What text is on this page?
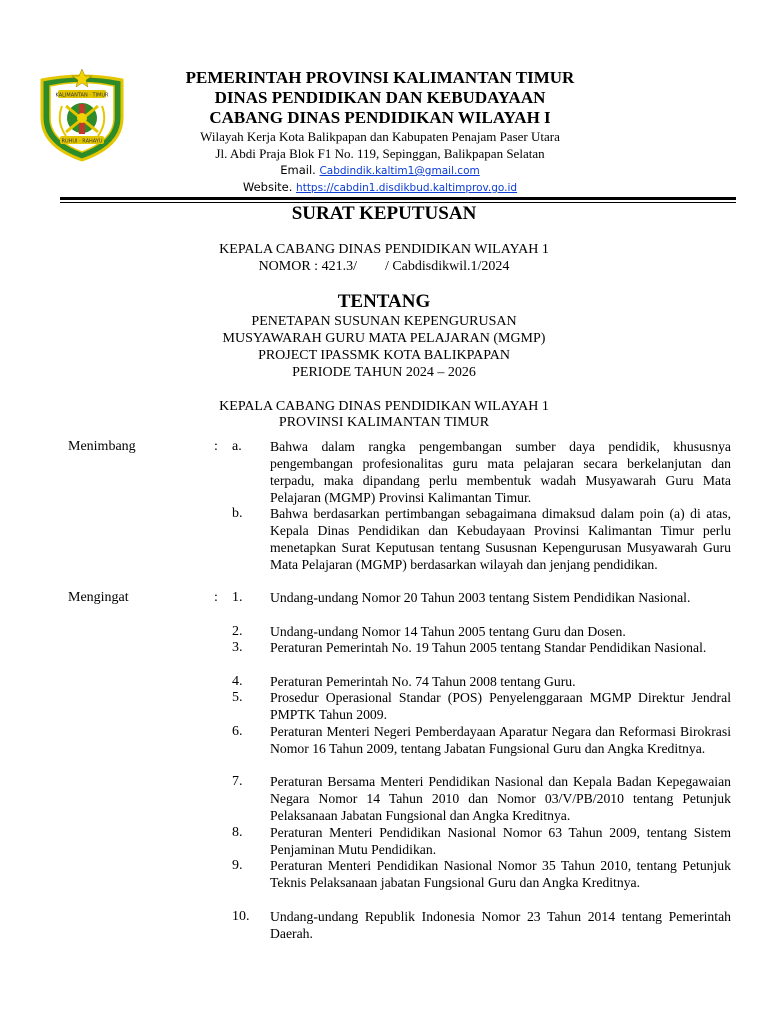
KALIMANTAN · TIMUR
RUHUI · RAHAYU
PEMERINTAH PROVINSI KALIMANTAN TIMUR
DINAS PENDIDIKAN DAN KEBUDAYAAN
CABANG DINAS PENDIDIKAN WILAYAH I
Wilayah Kerja Kota Balikpapan dan Kabupaten Penajam Paser Utara
Jl. Abdi Praja Blok F1 No. 119, Sepinggan, Balikpapan Selatan
Email. Cabdindik.kaltim1@gmail.com
Website. https://cabdin1.disdikbud.kaltimprov.go.id
SURAT KEPUTUSAN
KEPALA CABANG DINAS PENDIDIKAN WILAYAH 1
NOMOR : 421.3/        / Cabdisdikwil.1/2024
TENTANG
PENETAPAN SUSUNAN KEPENGURUSAN
MUSYAWARAH GURU MATA PELAJARAN (MGMP)
PROJECT IPASSMK KOTA BALIKPAPAN
PERIODE TAHUN 2024 – 2026
KEPALA CABANG DINAS PENDIDIKAN WILAYAH 1
PROVINSI KALIMANTAN TIMUR
Menimbang	: a.	Bahwa dalam rangka pengembangan sumber daya pendidik, khususnya pengembangan profesionalitas guru mata pelajaran secara berkelanjutan dan terpadu, maka dipandang perlu membentuk wadah Musyawarah Guru Mata Pelajaran (MGMP) Provinsi Kalimantan Timur.
b.	Bahwa berdasarkan pertimbangan sebagaimana dimaksud dalam poin (a) di atas, Kepala Dinas Pendidikan dan Kebudayaan Provinsi Kalimantan Timur perlu menetapkan Surat Keputusan tentang Sususnan Kepengurusan Musyawarah Guru Mata Pelajaran (MGMP) berdasarkan wilayah dan jenjang pendidikan.
Mengingat	: 1.	Undang-undang Nomor 20 Tahun 2003 tentang Sistem Pendidikan Nasional.
2.	Undang-undang Nomor 14 Tahun 2005 tentang Guru dan Dosen.
3.	Peraturan Pemerintah No. 19 Tahun 2005 tentang Standar Pendidikan Nasional.
4.	Peraturan Pemerintah No. 74 Tahun 2008 tentang Guru.
5.	Prosedur Operasional Standar (POS) Penyelenggaraan MGMP Direktur Jendral PMPTK Tahun 2009.
6.	Peraturan Menteri Negeri Pemberdayaan Aparatur Negara dan Reformasi Birokrasi Nomor 16 Tahun 2009, tentang Jabatan Fungsional Guru dan Angka Kreditnya.
7.	Peraturan Bersama Menteri Pendidikan Nasional dan Kepala Badan Kepegawaian Negara Nomor 14 Tahun 2010 dan Nomor 03/V/PB/2010 tentang Petunjuk Pelaksanaan Jabatan Fungsional dan Angka Kreditnya.
8.	Peraturan Menteri Pendidikan Nasional Nomor 63 Tahun 2009, tentang Sistem Penjaminan Mutu Pendidikan.
9.	Peraturan Menteri Pendidikan Nasional Nomor 35 Tahun 2010, tentang Petunjuk Teknis Pelaksanaan jabatan Fungsional Guru dan Angka Kreditnya.
10.	Undang-undang Republik Indonesia Nomor 23 Tahun 2014 tentang Pemerintah Daerah.
